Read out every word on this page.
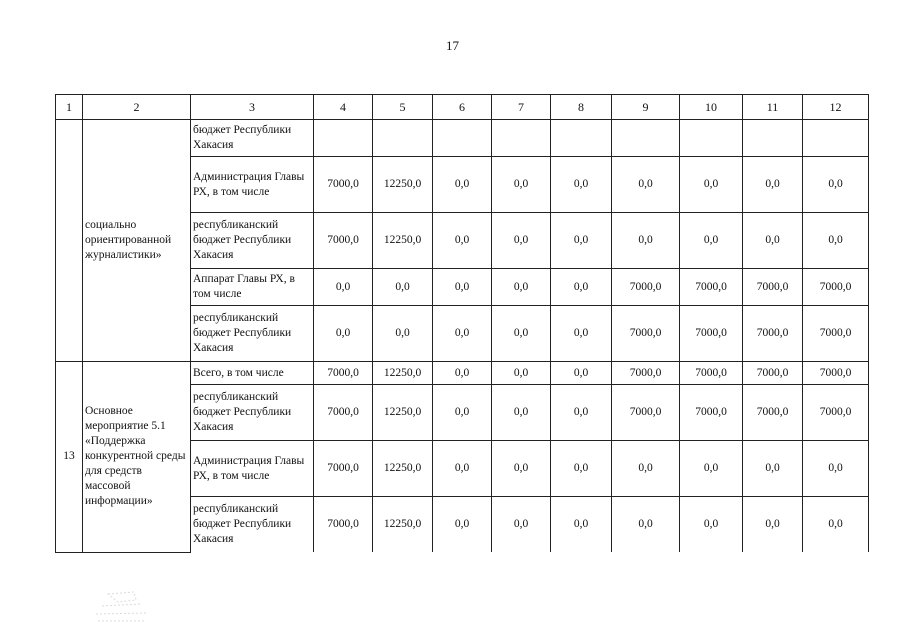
17
1	2	3	4	5	6	7	8	9	10	11	12
	социально ориентированной журналистики»	бюджет Республики Хакасия									
		Администрация Главы РХ, в том числе	7000,0	12250,0	0,0	0,0	0,0	0,0	0,0	0,0	0,0
		республиканский бюджет Республики Хакасия	7000,0	12250,0	0,0	0,0	0,0	0,0	0,0	0,0	0,0
		Аппарат Главы РХ, в том числе	0,0	0,0	0,0	0,0	0,0	7000,0	7000,0	7000,0	7000,0
		республиканский бюджет Республики Хакасия	0,0	0,0	0,0	0,0	0,0	7000,0	7000,0	7000,0	7000,0
13	Основное мероприятие 5.1 «Поддержка конкурентной среды для средств массовой информации»	Всего, в том числе	7000,0	12250,0	0,0	0,0	0,0	7000,0	7000,0	7000,0	7000,0
		республиканский бюджет Республики Хакасия	7000,0	12250,0	0,0	0,0	0,0	7000,0	7000,0	7000,0	7000,0
		Администрация Главы РХ, в том числе	7000,0	12250,0	0,0	0,0	0,0	0,0	0,0	0,0	0,0
		республиканский бюджет Республики Хакасия	7000,0	12250,0	0,0	0,0	0,0	0,0	0,0	0,0	0,0
